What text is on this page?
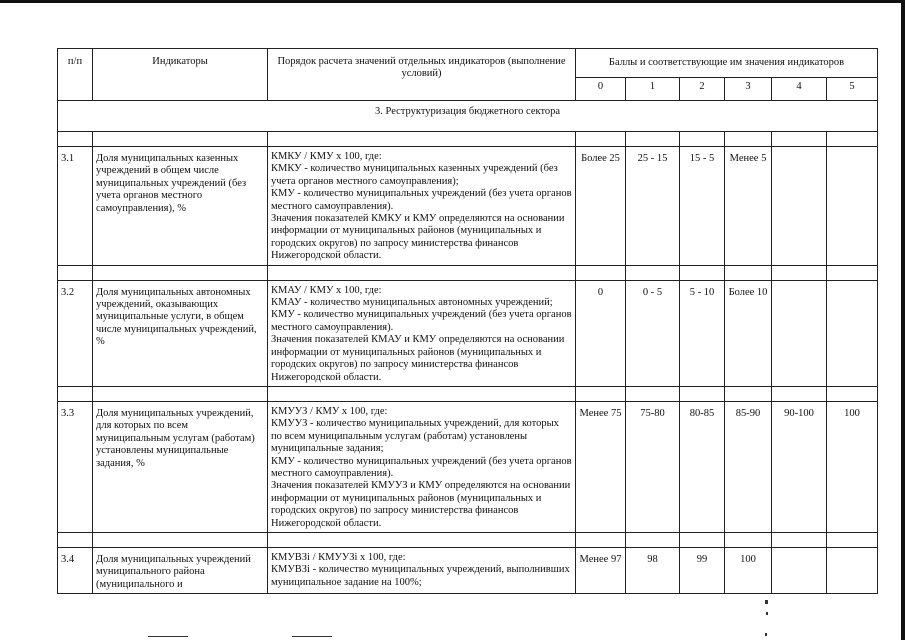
п/п	Индикаторы	Порядок расчета значений отдельных индикаторов (выполнение условий)	Баллы и соответствующие им значения индикаторов					
			0	1	2	3	4	5
3. Реструктуризация бюджетного сектора								

3.1	Доля муниципальных казенных учреждений в общем числе муниципальных учреждений (без учета органов местного самоуправления), %	КМКУ / КМУ x 100, где:
КМКУ - количество муниципальных казенных учреждений (без учета органов местного самоуправления);
КМУ - количество муниципальных учреждений (без учета органов местного самоуправления).
Значения показателей КМКУ и КМУ определяются на основании информации от муниципальных районов (муниципальных и городских округов) по запросу министерства финансов Нижегородской области.	Более 25	25 - 15	15 - 5	Менее 5		

3.2	Доля муниципальных автономных учреждений, оказывающих муниципальные услуги, в общем числе муниципальных учреждений, %	КМАУ / КМУ x 100, где:
КМАУ - количество муниципальных автономных учреждений;
КМУ - количество муниципальных учреждений (без учета органов местного самоуправления).
Значения показателей КМАУ и КМУ определяются на основании информации от муниципальных районов (муниципальных и городских округов) по запросу министерства финансов Нижегородской области.	0	0 - 5	5 - 10	Более 10		

3.3	Доля муниципальных учреждений, для которых по всем муниципальным услугам (работам) установлены муниципальные задания, %	КМУУЗ / КМУ x 100, где:
КМУУЗ - количество муниципальных учреждений, для которых по всем муниципальным услугам (работам) установлены муниципальные задания;
КМУ - количество муниципальных учреждений (без учета органов местного самоуправления).
Значения показателей КМУУЗ и КМУ определяются на основании информации от муниципальных районов (муниципальных и городских округов) по запросу министерства финансов Нижегородской области.	Менее 75	75-80	80-85	85-90	90-100	100

3.4	Доля муниципальных учреждений муниципального района (муниципального и	КМУВЗi / КМУУЗi x 100, где:
КМУВЗi - количество муниципальных учреждений, выполнивших муниципальное задание на 100%;	Менее 97	98	99	100		
